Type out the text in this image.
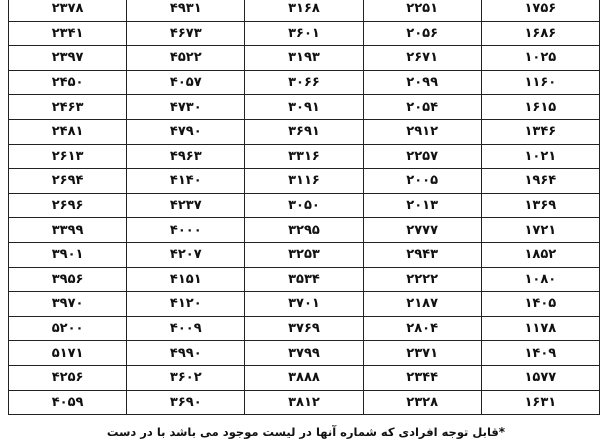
۲۳۷۸	۴۹۳۱	۳۱۶۸	۲۲۵۱	۱۷۵۶
۲۳۴۱	۴۶۷۳	۳۶۰۱	۲۰۵۶	۱۶۸۶
۲۳۹۷	۴۵۲۲	۳۱۹۳	۲۶۷۱	۱۰۲۵
۲۴۵۰	۴۰۵۷	۳۰۶۶	۲۰۹۹	۱۱۶۰
۲۴۶۳	۴۷۳۰	۳۰۹۱	۲۰۵۴	۱۶۱۵
۲۴۸۱	۴۷۹۰	۳۶۹۱	۲۹۱۲	۱۳۴۶
۲۶۱۳	۴۹۶۳	۳۳۱۶	۲۲۵۷	۱۰۲۱
۲۶۹۴	۴۱۴۰	۳۱۱۶	۲۰۰۵	۱۹۶۴
۲۶۹۶	۴۲۳۷	۳۰۵۰	۲۰۱۳	۱۳۶۹
۳۳۹۹	۴۰۰۰	۳۲۹۵	۲۷۷۷	۱۷۲۱
۳۹۰۱	۴۲۰۷	۳۲۵۳	۲۹۴۳	۱۸۵۲
۳۹۵۶	۴۱۵۱	۳۵۳۴	۲۲۲۲	۱۰۸۰
۳۹۷۰	۴۱۲۰	۳۷۰۱	۲۱۸۷	۱۴۰۵
۵۲۰۰	۴۰۰۹	۳۷۶۹	۲۸۰۴	۱۱۷۸
۵۱۷۱	۴۹۹۰	۳۷۹۹	۲۳۷۱	۱۴۰۹
۴۲۵۶	۳۶۰۲	۳۸۸۸	۲۳۴۴	۱۵۷۷
۴۰۵۹	۳۶۹۰	۳۸۱۲	۲۳۲۸	۱۶۳۱
*قابل توجه افرادی که شماره آنها در لیست موجود می باشد با در دست
